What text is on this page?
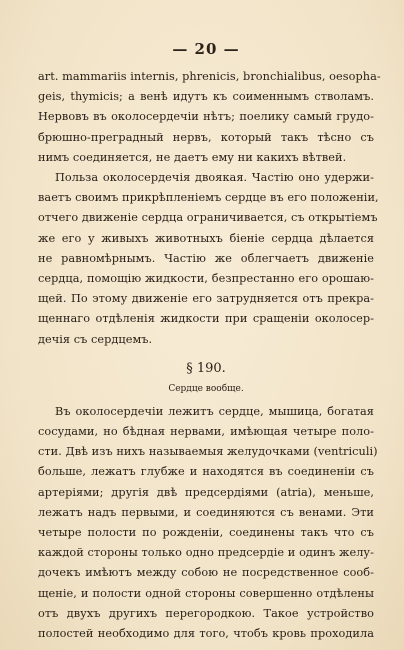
— 20 —
art. mammariis internis, phrenicis, bronchialibus, oesopha-
geis, thymicis; а венѣ идутъ къ соименнымъ стволамъ.
Нервовъ въ околосердечіи нѣтъ; поелику самый грудо-
брюшно-преградный нервъ, который такъ тѣсно съ
нимъ соединяется, не даетъ ему ни какихъ вѣтвей.
Польза околосердечія двоякая. Частію оно удержи-
ваетъ своимъ прикрѣпленіемъ сердце въ его положеніи,
отчего движеніе сердца ограничивается, съ открытіемъ
же его у живыхъ животныхъ біеніе сердца дѣлается
не равномѣрнымъ. Частію же облегчаетъ движеніе
сердца, помощію жидкости, безпрестанно его орошаю-
щей. По этому движеніе его затрудняется отъ прекра-
щеннаго отдѣленія жидкости при сращеніи околосер-
дечія съ сердцемъ.
§ 190.
Сердце вообще.
Въ околосердечіи лежитъ сердце, мышица, богатая
сосудами, но бѣдная нервами, имѣющая четыре поло-
сти. Двѣ изъ нихъ называемыя желудочками (ventriculi)
больше, лежатъ глубже и находятся въ соединеніи съ
артеріями; другія двѣ предсердіями (atria), меньше,
лежатъ надъ первыми, и соединяются съ венами. Эти
четыре полости по рожденіи, соединены такъ что съ
каждой стороны только одно предсердіе и одинъ желу-
дочекъ имѣютъ между собою не посредственное сооб-
щеніе, и полости одной стороны совершенно отдѣлены
отъ двухъ другихъ перегородкою. Такое устройство
полостей необходимо для того, чтобъ кровь проходила
